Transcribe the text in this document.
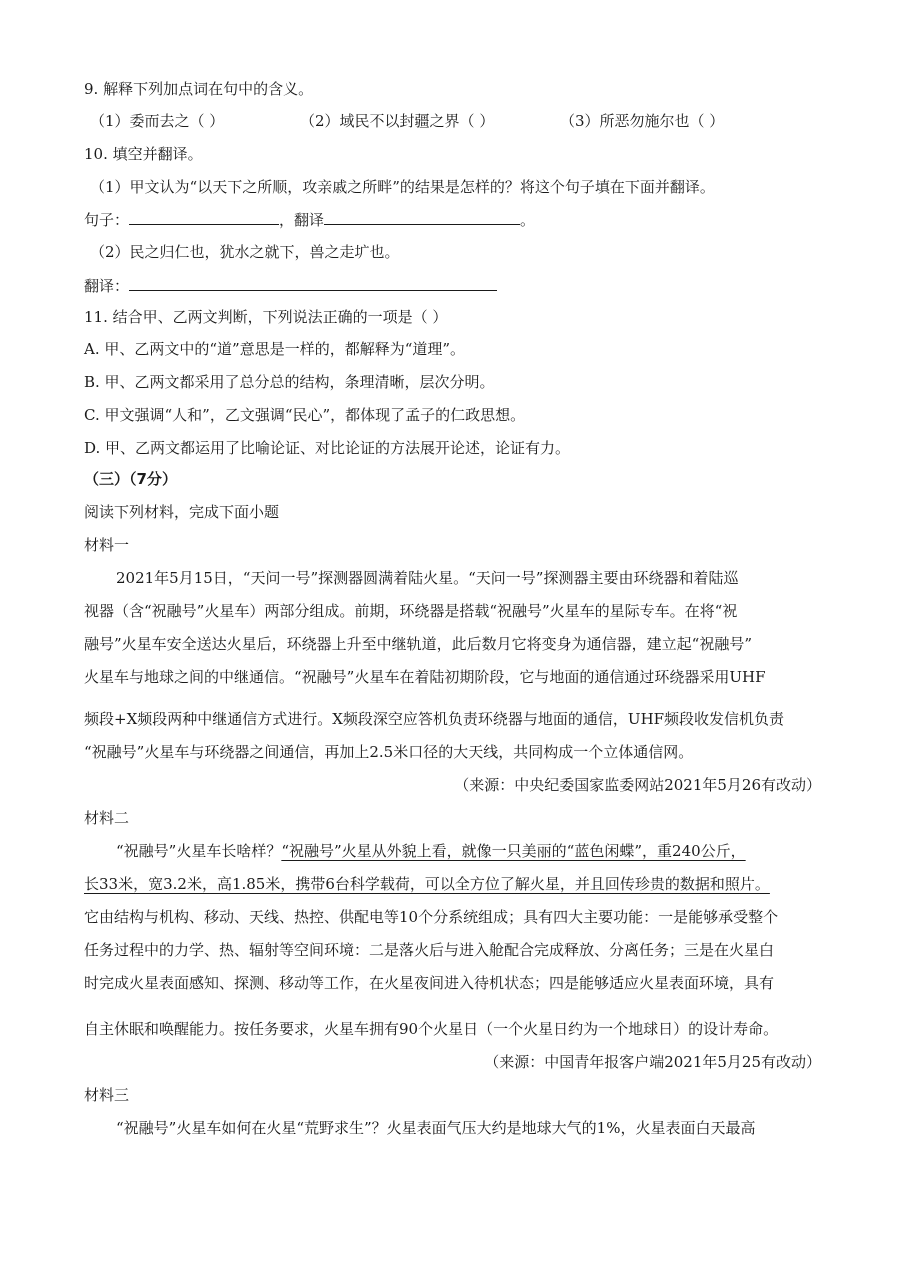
9. 解释下列加点词在句中的含义。
（1）委而去之（ ）	（2）域民不以封疆之界（ ）	（3）所恶勿施尔也（ ）
10. 填空并翻译。
（1）甲文认为“以天下之所顺，攻亲戚之所畔”的结果是怎样的？将这个句子填在下面并翻译。
句子：	，翻译	。
（2）民之归仁也，犹水之就下，兽之走圹也。
翻译：
11. 结合甲、乙两文判断，下列说法正确的一项是（ ）
A. 甲、乙两文中的“道”意思是一样的，都解释为“道理”。
B. 甲、乙两文都采用了总分总的结构，条理清晰，层次分明。
C. 甲文强调“人和”，乙文强调“民心”，都体现了孟子的仁政思想。
D. 甲、乙两文都运用了比喻论证、对比论证的方法展开论述，论证有力。
（三）（7分）
阅读下列材料，完成下面小题
材料一
2021年5月15日，“天问一号”探测器圆满着陆火星。“天问一号”探测器主要由环绕器和着陆巡
视器（含“祝融号”火星车）两部分组成。前期，环绕器是搭载“祝融号”火星车的星际专车。在将“祝
融号”火星车安全送达火星后，环绕器上升至中继轨道，此后数月它将变身为通信器，建立起“祝融号”
火星车与地球之间的中继通信。“祝融号”火星车在着陆初期阶段，它与地面的通信通过环绕器采用UHF
频段+X频段两种中继通信方式进行。X频段深空应答机负责环绕器与地面的通信，UHF频段收发信机负责
“祝融号”火星车与环绕器之间通信，再加上2.5米口径的大天线，共同构成一个立体通信网。
（来源：中央纪委国家监委网站2021年5月26有改动）
材料二
“祝融号”火星车长啥样？“祝融号”火星从外貌上看，就像一只美丽的“蓝色闲蝶”，重240公斤，
长33米，宽3.2米，高1.85米，携带6台科学载荷，可以全方位了解火星，并且回传珍贵的数据和照片。
它由结构与机构、移动、天线、热控、供配电等10个分系统组成；具有四大主要功能：一是能够承受整个
任务过程中的力学、热、辐射等空间环境：二是落火后与进入舱配合完成释放、分离任务；三是在火星白
时完成火星表面感知、探测、移动等工作，在火星夜间进入待机状态；四是能够适应火星表面环境，具有
自主休眠和唤醒能力。按任务要求，火星车拥有90个火星日（一个火星日约为一个地球日）的设计寿命。
（来源：中国青年报客户端2021年5月25有改动）
材料三
“祝融号”火星车如何在火星“荒野求生”？火星表面气压大约是地球大气的1%，火星表面白天最高
